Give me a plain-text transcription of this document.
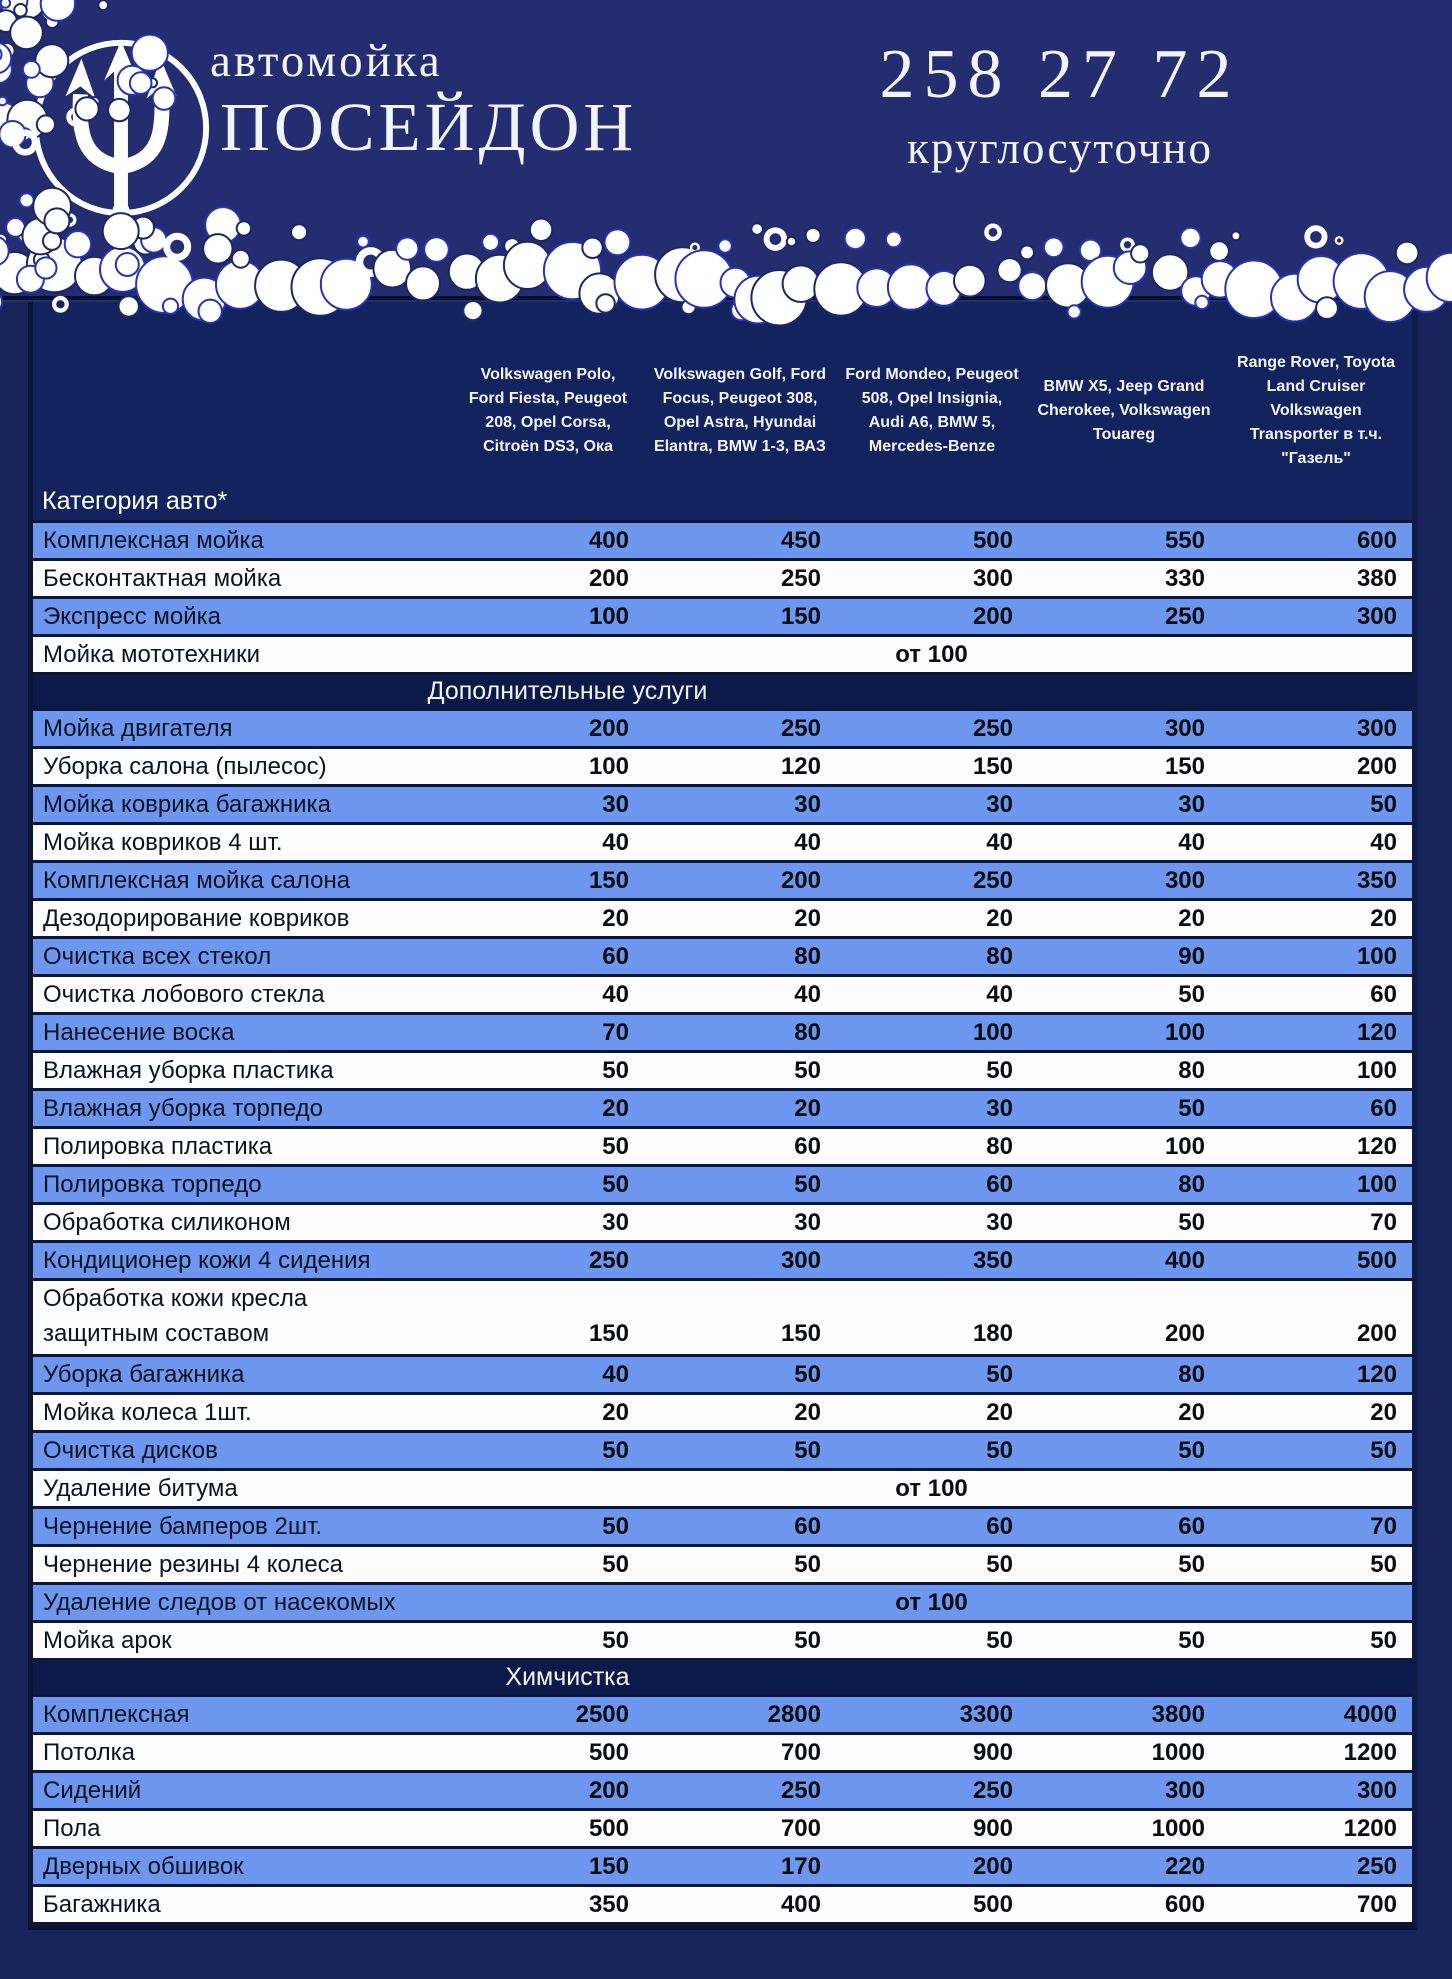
автомойка
ПОСЕЙДОН
258 27 72
круглосуточно
Категория авто*
Volkswagen Polo, Ford Fiesta, Peugeot 208, Opel Corsa, Citroën DS3, Ока
Volkswagen Golf, Ford Focus, Peugeot 308, Opel Astra, Hyundai Elantra, BMW 1-3, ВАЗ
Ford Mondeo, Peugeot 508, Opel Insignia, Audi A6, BMW 5, Mercedes-Benze
BMW X5, Jeep Grand Cherokee, Volkswagen Touareg
Range Rover, Toyota Land Cruiser Volkswagen Transporter в т.ч. "Газель"
Комплексная мойка	400	450	500	550	600
Бесконтактная мойка	200	250	300	330	380
Экспресс мойка	100	150	200	250	300
Мойка мототехники	от 100
Дополнительные услуги
Мойка двигателя	200	250	250	300	300
Уборка салона (пылесос)	100	120	150	150	200
Мойка коврика багажника	30	30	30	30	50
Мойка ковриков 4 шт.	40	40	40	40	40
Комплексная мойка салона	150	200	250	300	350
Дезодорирование ковриков	20	20	20	20	20
Очистка всех стекол	60	80	80	90	100
Очистка лобового стекла	40	40	40	50	60
Нанесение воска	70	80	100	100	120
Влажная уборка пластика	50	50	50	80	100
Влажная уборка торпедо	20	20	30	50	60
Полировка пластика	50	60	80	100	120
Полировка торпедо	50	50	60	80	100
Обработка силиконом	30	30	30	50	70
Кондиционер кожи 4 сидения	250	300	350	400	500
Обработка кожи кресла
защитным составом	150	150	180	200	200
Уборка багажника	40	50	50	80	120
Мойка колеса 1шт.	20	20	20	20	20
Очистка дисков	50	50	50	50	50
Удаление битума	от 100
Чернение бамперов 2шт.	50	60	60	60	70
Чернение резины 4 колеса	50	50	50	50	50
Удаление следов от насекомых	от 100
Мойка арок	50	50	50	50	50
Химчистка
Комплексная	2500	2800	3300	3800	4000
Потолка	500	700	900	1000	1200
Сидений	200	250	250	300	300
Пола	500	700	900	1000	1200
Дверных обшивок	150	170	200	220	250
Багажника	350	400	500	600	700
